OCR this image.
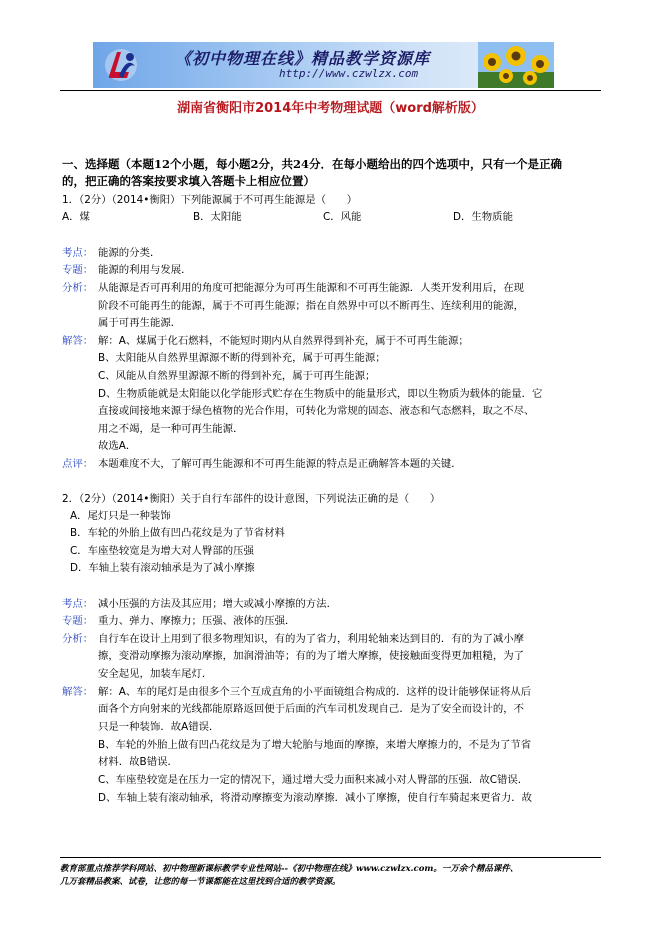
《初中物理在线》精品教学资源库
http://www.czwlzx.com
湖南省衡阳市2014年中考物理试题（word解析版）
一、选择题（本题12个小题，每小题2分，共24分．在每小题给出的四个选项中，只有一个是正确
的，把正确的答案按要求填入答题卡上相应位置）
1．（2分）（2014•衡阳）下列能源属于不可再生能源是（　　）
A．煤	B．太阳能	C．风能	D．生物质能
考点： 能源的分类．
专题： 能源的利用与发展．
分析： 从能源是否可再利用的角度可把能源分为可再生能源和不可再生能源．人类开发利用后，在现
阶段不可能再生的能源，属于不可再生能源；指在自然界中可以不断再生、连续利用的能源，
属于可再生能源．
解答： 解：A、煤属于化石燃料，不能短时期内从自然界得到补充，属于不可再生能源；
B、太阳能从自然界里源源不断的得到补充，属于可再生能源；
C、风能从自然界里源源不断的得到补充，属于可再生能源；
D、生物质能就是太阳能以化学能形式贮存在生物质中的能量形式，即以生物质为载体的能量．它
直接或间接地来源于绿色植物的光合作用，可转化为常规的固态、液态和气态燃料，取之不尽、
用之不竭，是一种可再生能源．
故选A．
点评： 本题难度不大，了解可再生能源和不可再生能源的特点是正确解答本题的关键．
2．（2分）（2014•衡阳）关于自行车部件的设计意图，下列说法正确的是（　　）
A．尾灯只是一种装饰
B．车轮的外胎上做有凹凸花纹是为了节省材料
C．车座垫较宽是为增大对人臀部的压强
D．车轴上装有滚动轴承是为了减小摩擦
考点： 减小压强的方法及其应用；增大或减小摩擦的方法．
专题： 重力、弹力、摩擦力；压强、液体的压强．
分析： 自行车在设计上用到了很多物理知识，有的为了省力，利用轮轴来达到目的．有的为了减小摩
擦，变滑动摩擦为滚动摩擦，加润滑油等；有的为了增大摩擦，使接触面变得更加粗糙，为了
安全起见，加装车尾灯．
解答： 解：A、车的尾灯是由很多个三个互成直角的小平面镜组合构成的．这样的设计能够保证将从后
面各个方向射来的光线都能原路返回便于后面的汽车司机发现自己．是为了安全而设计的，不
只是一种装饰．故A错误．
B、车轮的外胎上做有凹凸花纹是为了增大轮胎与地面的摩擦，来增大摩擦力的，不是为了节省
材料．故B错误．
C、车座垫较宽是在压力一定的情况下，通过增大受力面积来减小对人臀部的压强．故C错误．
D、车轴上装有滚动轴承，将滑动摩擦变为滚动摩擦．减小了摩擦，使自行车骑起来更省力．故
教育部重点推荐学科网站、初中物理新课标教学专业性网站--《初中物理在线》www.czwlzx.com。一万余个精品课件、
几万套精品教案、试卷，让您的每一节课都能在这里找到合适的教学资源。
